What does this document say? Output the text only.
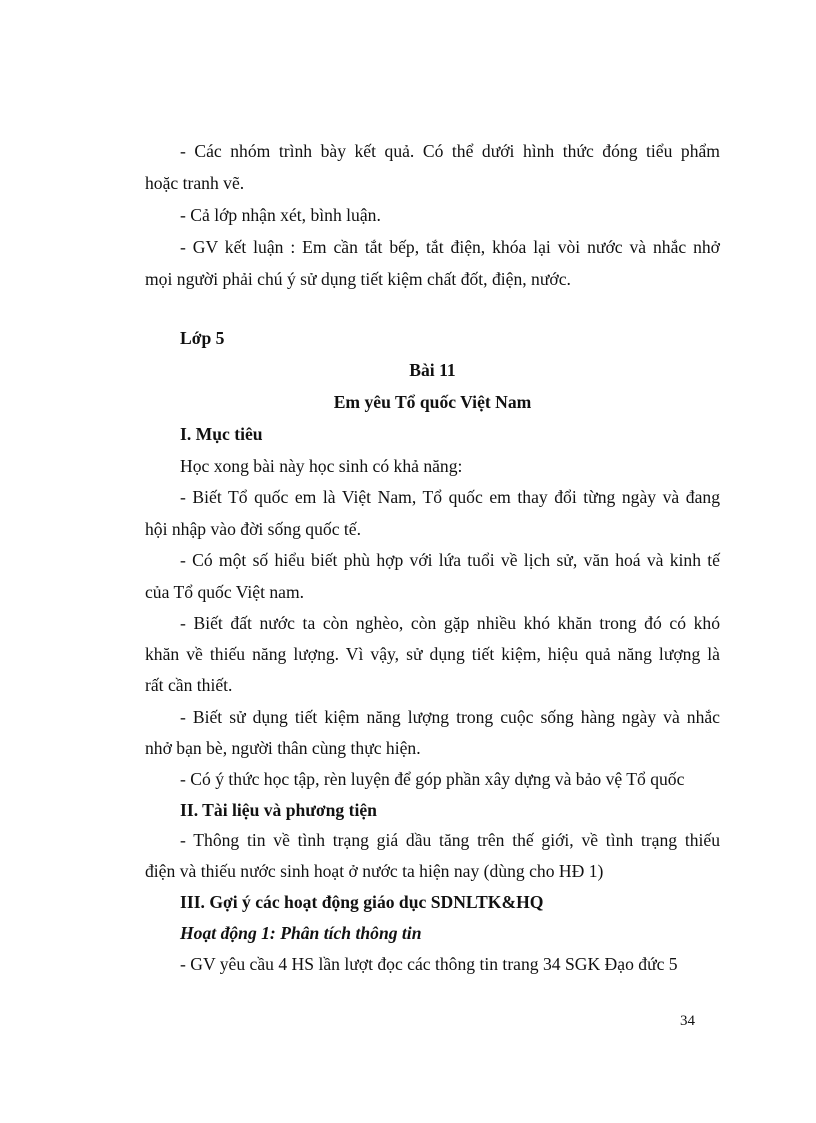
- Các nhóm trình bày kết quả. Có thể dưới hình thức đóng tiểu phẩm
hoặc tranh vẽ.
- Cả lớp nhận xét, bình luận.
- GV kết luận : Em cần tắt bếp, tắt điện, khóa lại vòi nước và nhắc nhở
mọi người phải chú ý sử dụng tiết kiệm chất đốt, điện, nước.
Lớp 5
Bài 11
Em yêu Tổ quốc Việt Nam
I. Mục tiêu
Học xong bài này học sinh có khả năng:
- Biết Tổ quốc em là Việt Nam, Tổ quốc em thay đổi từng ngày và đang
hội nhập vào đời sống quốc tế.
- Có một số hiểu biết phù hợp với lứa tuổi về lịch sử, văn hoá và kinh tế
của Tổ quốc Việt nam.
- Biết đất nước ta còn nghèo, còn gặp nhiều khó khăn trong đó có khó
khăn về thiếu năng lượng. Vì vậy, sử dụng tiết kiệm, hiệu quả năng lượng là
rất cần thiết.
- Biết sử dụng tiết kiệm năng lượng trong cuộc sống hàng ngày và nhắc
nhở bạn bè, người thân cùng thực hiện.
- Có ý thức học tập, rèn luyện để góp phần xây dựng và bảo vệ Tổ quốc
II. Tài liệu và phương tiện
- Thông tin về tình trạng giá dầu tăng trên thế giới, về tình trạng thiếu
điện và thiếu nước sinh hoạt ở nước ta hiện nay (dùng cho HĐ 1)
III. Gợi ý các hoạt động giáo dục SDNLTK&HQ
Hoạt động 1: Phân tích thông tin
- GV yêu cầu 4 HS lần lượt đọc các thông tin trang 34 SGK Đạo đức 5
34
